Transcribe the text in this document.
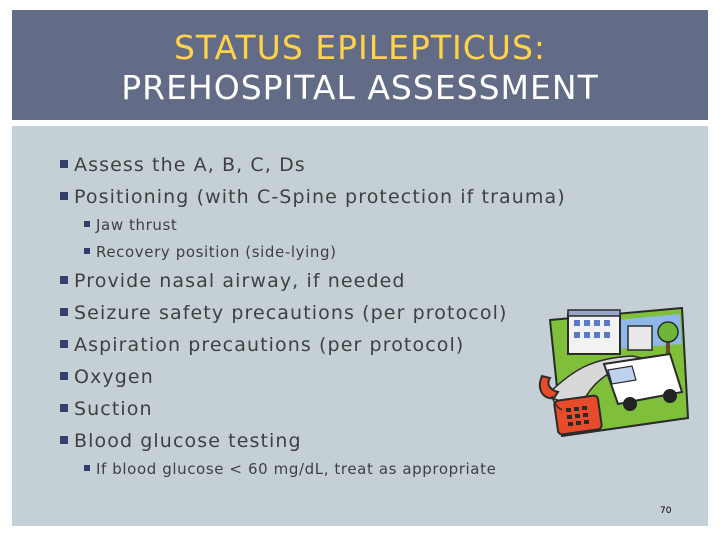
STATUS EPILEPTICUS:
PREHOSPITAL ASSESSMENT
Assess the A, B, C, Ds
Positioning (with C-Spine protection if trauma)
Jaw thrust
Recovery position (side-lying)
Provide nasal airway, if needed
Seizure safety precautions (per protocol)
Aspiration precautions (per protocol)
Oxygen
Suction
Blood glucose testing
If blood glucose < 60 mg/dL, treat as appropriate
70
